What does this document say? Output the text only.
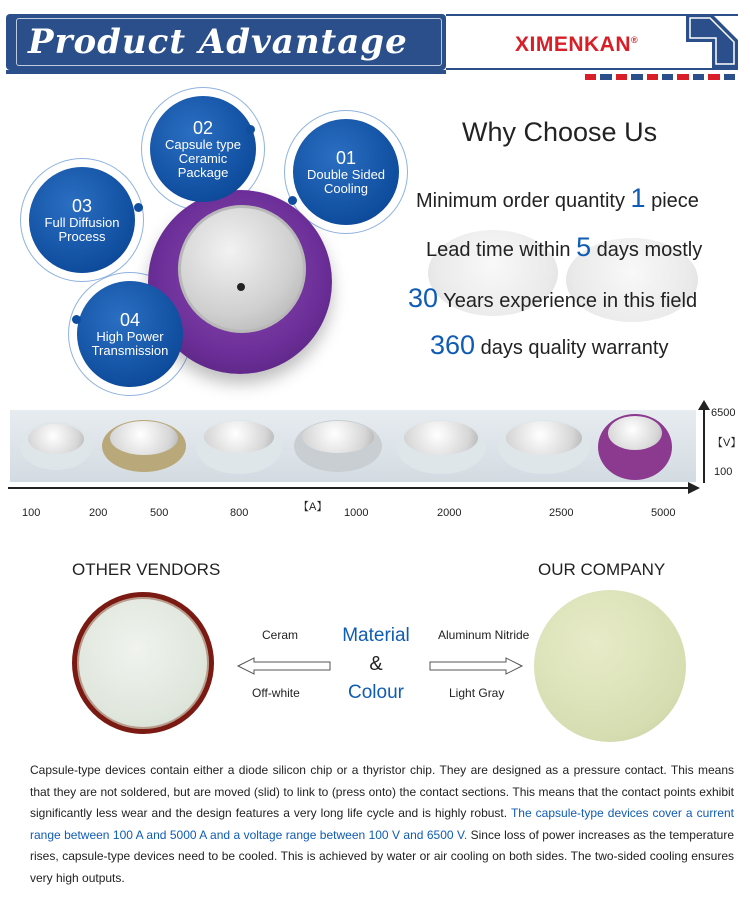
Product Advantage	XIMENKAN®
02
Capsule type Ceramic Package
01
Double Sided Cooling
03
Full Diffusion Process
04
High Power Transmission
Why Choose Us
Minimum order quantity 1 piece
Lead time within 5 days mostly
30 Years experience in this field
360 days quality warranty
6500
【V】
100
【A】
100	200	500	800	1000	2000	2500	5000
OTHER VENDORS	OUR COMPANY
Ceram
Off-white
Aluminum Nitride
Light Gray
Material
&
Colour
Capsule-type devices contain either a diode silicon chip or a thyristor chip. They are designed as a pressure contact. This means that they are not soldered, but are moved (slid) to link to (press onto) the contact sections. This means that the contact points exhibit significantly less wear and the design features a very long life cycle and is highly robust. The capsule-type devices cover a current range between 100 A and 5000 A and a voltage range between 100 V and 6500 V. Since loss of power increases as the temperature rises, capsule-type devices need to be cooled. This is achieved by water or air cooling on both sides. The two-sided cooling ensures very high outputs.
